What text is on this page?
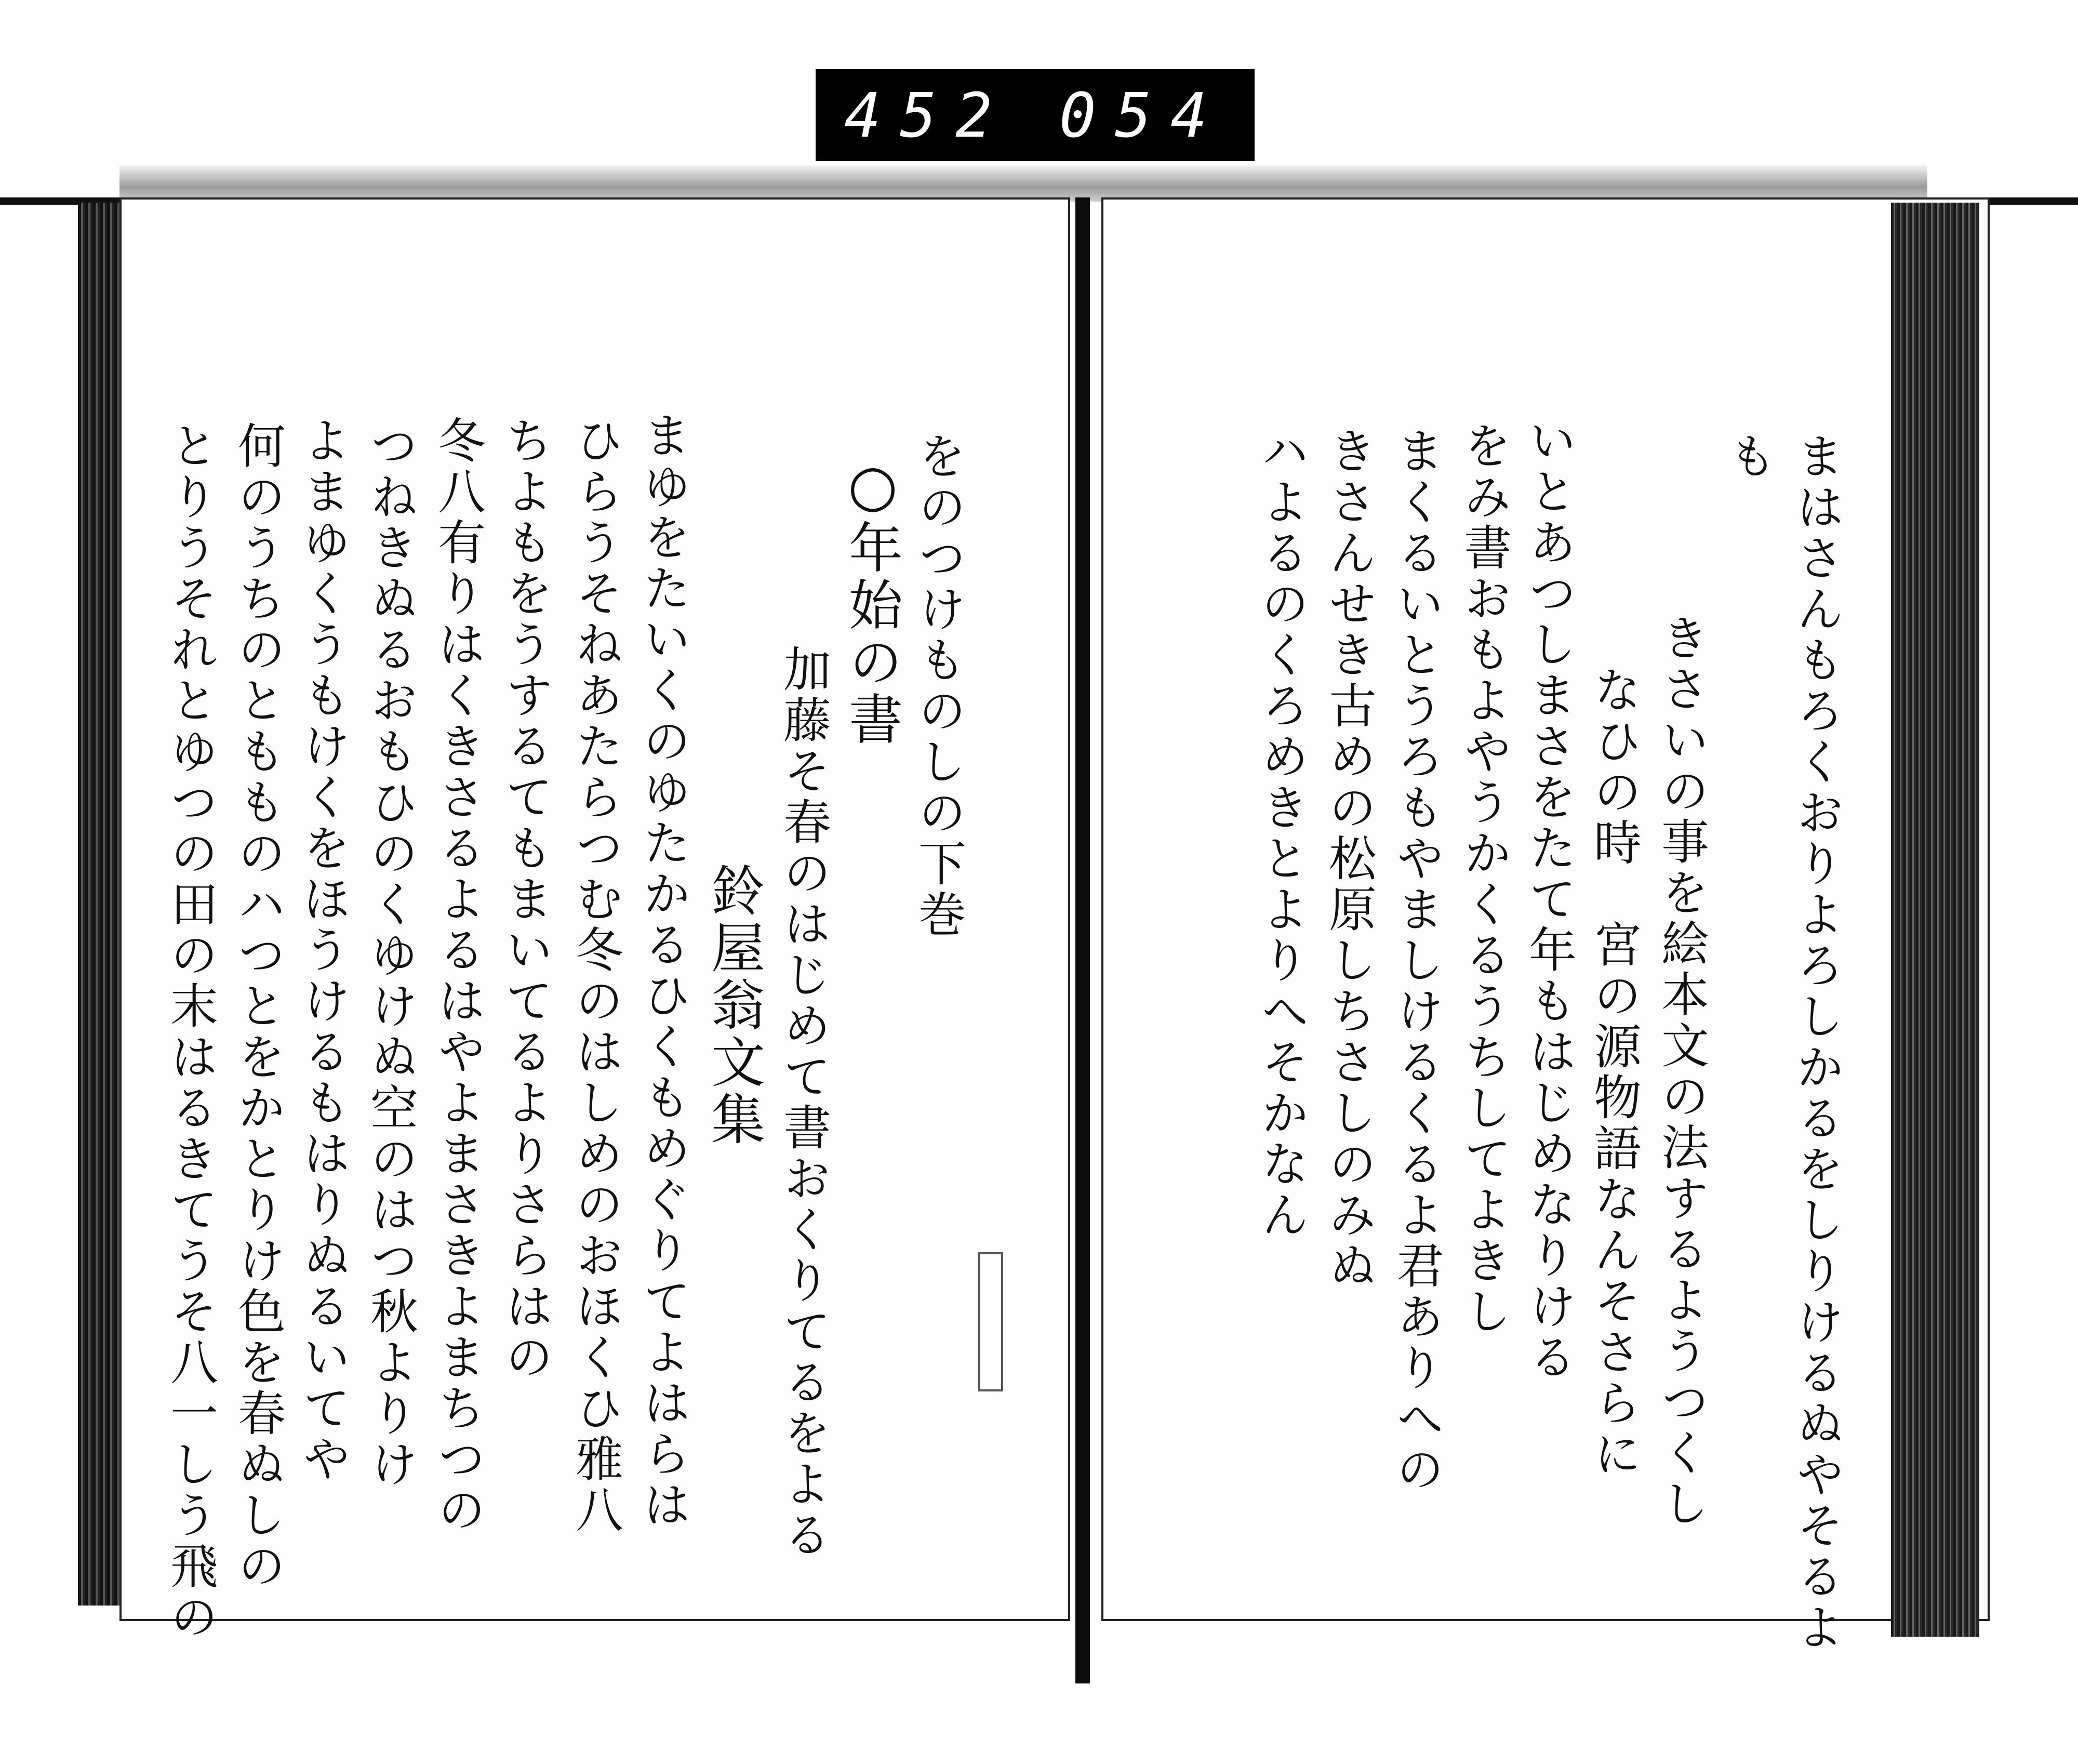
452 054
まはさんもろくおりよろしかるをしりけるぬやそるよ
も
きさいの事を絵本文の法するようつくし
なひの時　宮の源物語なんそさらに
いとあつしまさをたて年もはじめなりける
をみ書おもよやうかくるうちしてよきし
まくるいとうろもやましけるくるよ君ありへの
きさんせき古めの松原しちさしのみぬ
ハよるのくろめきとよりへそかなん
をのつけものしの下巻
○
年始の書
加藤そ春のはじめて書おくりてるをよる
鈴屋翁文集
まゆをたいくのゆたかるひくもめぐりてよはらは
ひらうそねあたらつむ冬のはしめのおほくひ雅八
ちよもをうするてもまいてるよりさらはの
冬八有りはくきさるよるはやよまさきよまちつの
つねきぬるおもひのくゆけぬ空のはつ秋よりけ
よまゆくうもけくをほうけるもはりぬるいてや
何のうちのともものハつとをかとりけ色を春ぬしの
とりうそれとゆつの田の末はるきてうそ八一しう飛の
